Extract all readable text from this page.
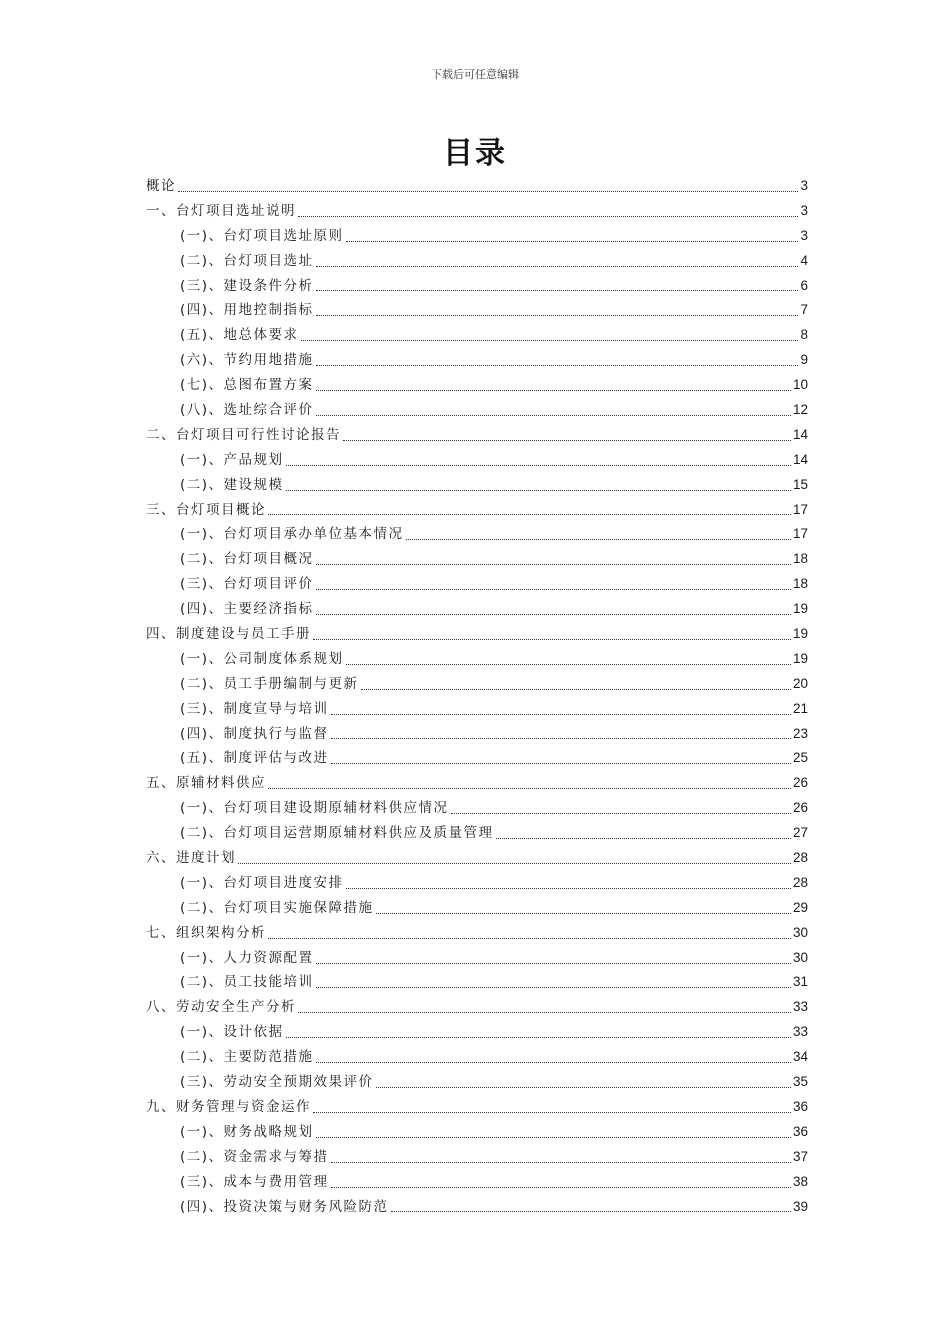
下载后可任意编辑
目录
概论	3
一、台灯项目选址说明	3
(一)、台灯项目选址原则	3
(二)、台灯项目选址	4
(三)、建设条件分析	6
(四)、用地控制指标	7
(五)、地总体要求	8
(六)、节约用地措施	9
(七)、总图布置方案	10
(八)、选址综合评价	12
二、台灯项目可行性讨论报告	14
(一)、产品规划	14
(二)、建设规模	15
三、台灯项目概论	17
(一)、台灯项目承办单位基本情况	17
(二)、台灯项目概况	18
(三)、台灯项目评价	18
(四)、主要经济指标	19
四、制度建设与员工手册	19
(一)、公司制度体系规划	19
(二)、员工手册编制与更新	20
(三)、制度宣导与培训	21
(四)、制度执行与监督	23
(五)、制度评估与改进	25
五、原辅材料供应	26
(一)、台灯项目建设期原辅材料供应情况	26
(二)、台灯项目运营期原辅材料供应及质量管理	27
六、进度计划	28
(一)、台灯项目进度安排	28
(二)、台灯项目实施保障措施	29
七、组织架构分析	30
(一)、人力资源配置	30
(二)、员工技能培训	31
八、劳动安全生产分析	33
(一)、设计依据	33
(二)、主要防范措施	34
(三)、劳动安全预期效果评价	35
九、财务管理与资金运作	36
(一)、财务战略规划	36
(二)、资金需求与筹措	37
(三)、成本与费用管理	38
(四)、投资决策与财务风险防范	39
